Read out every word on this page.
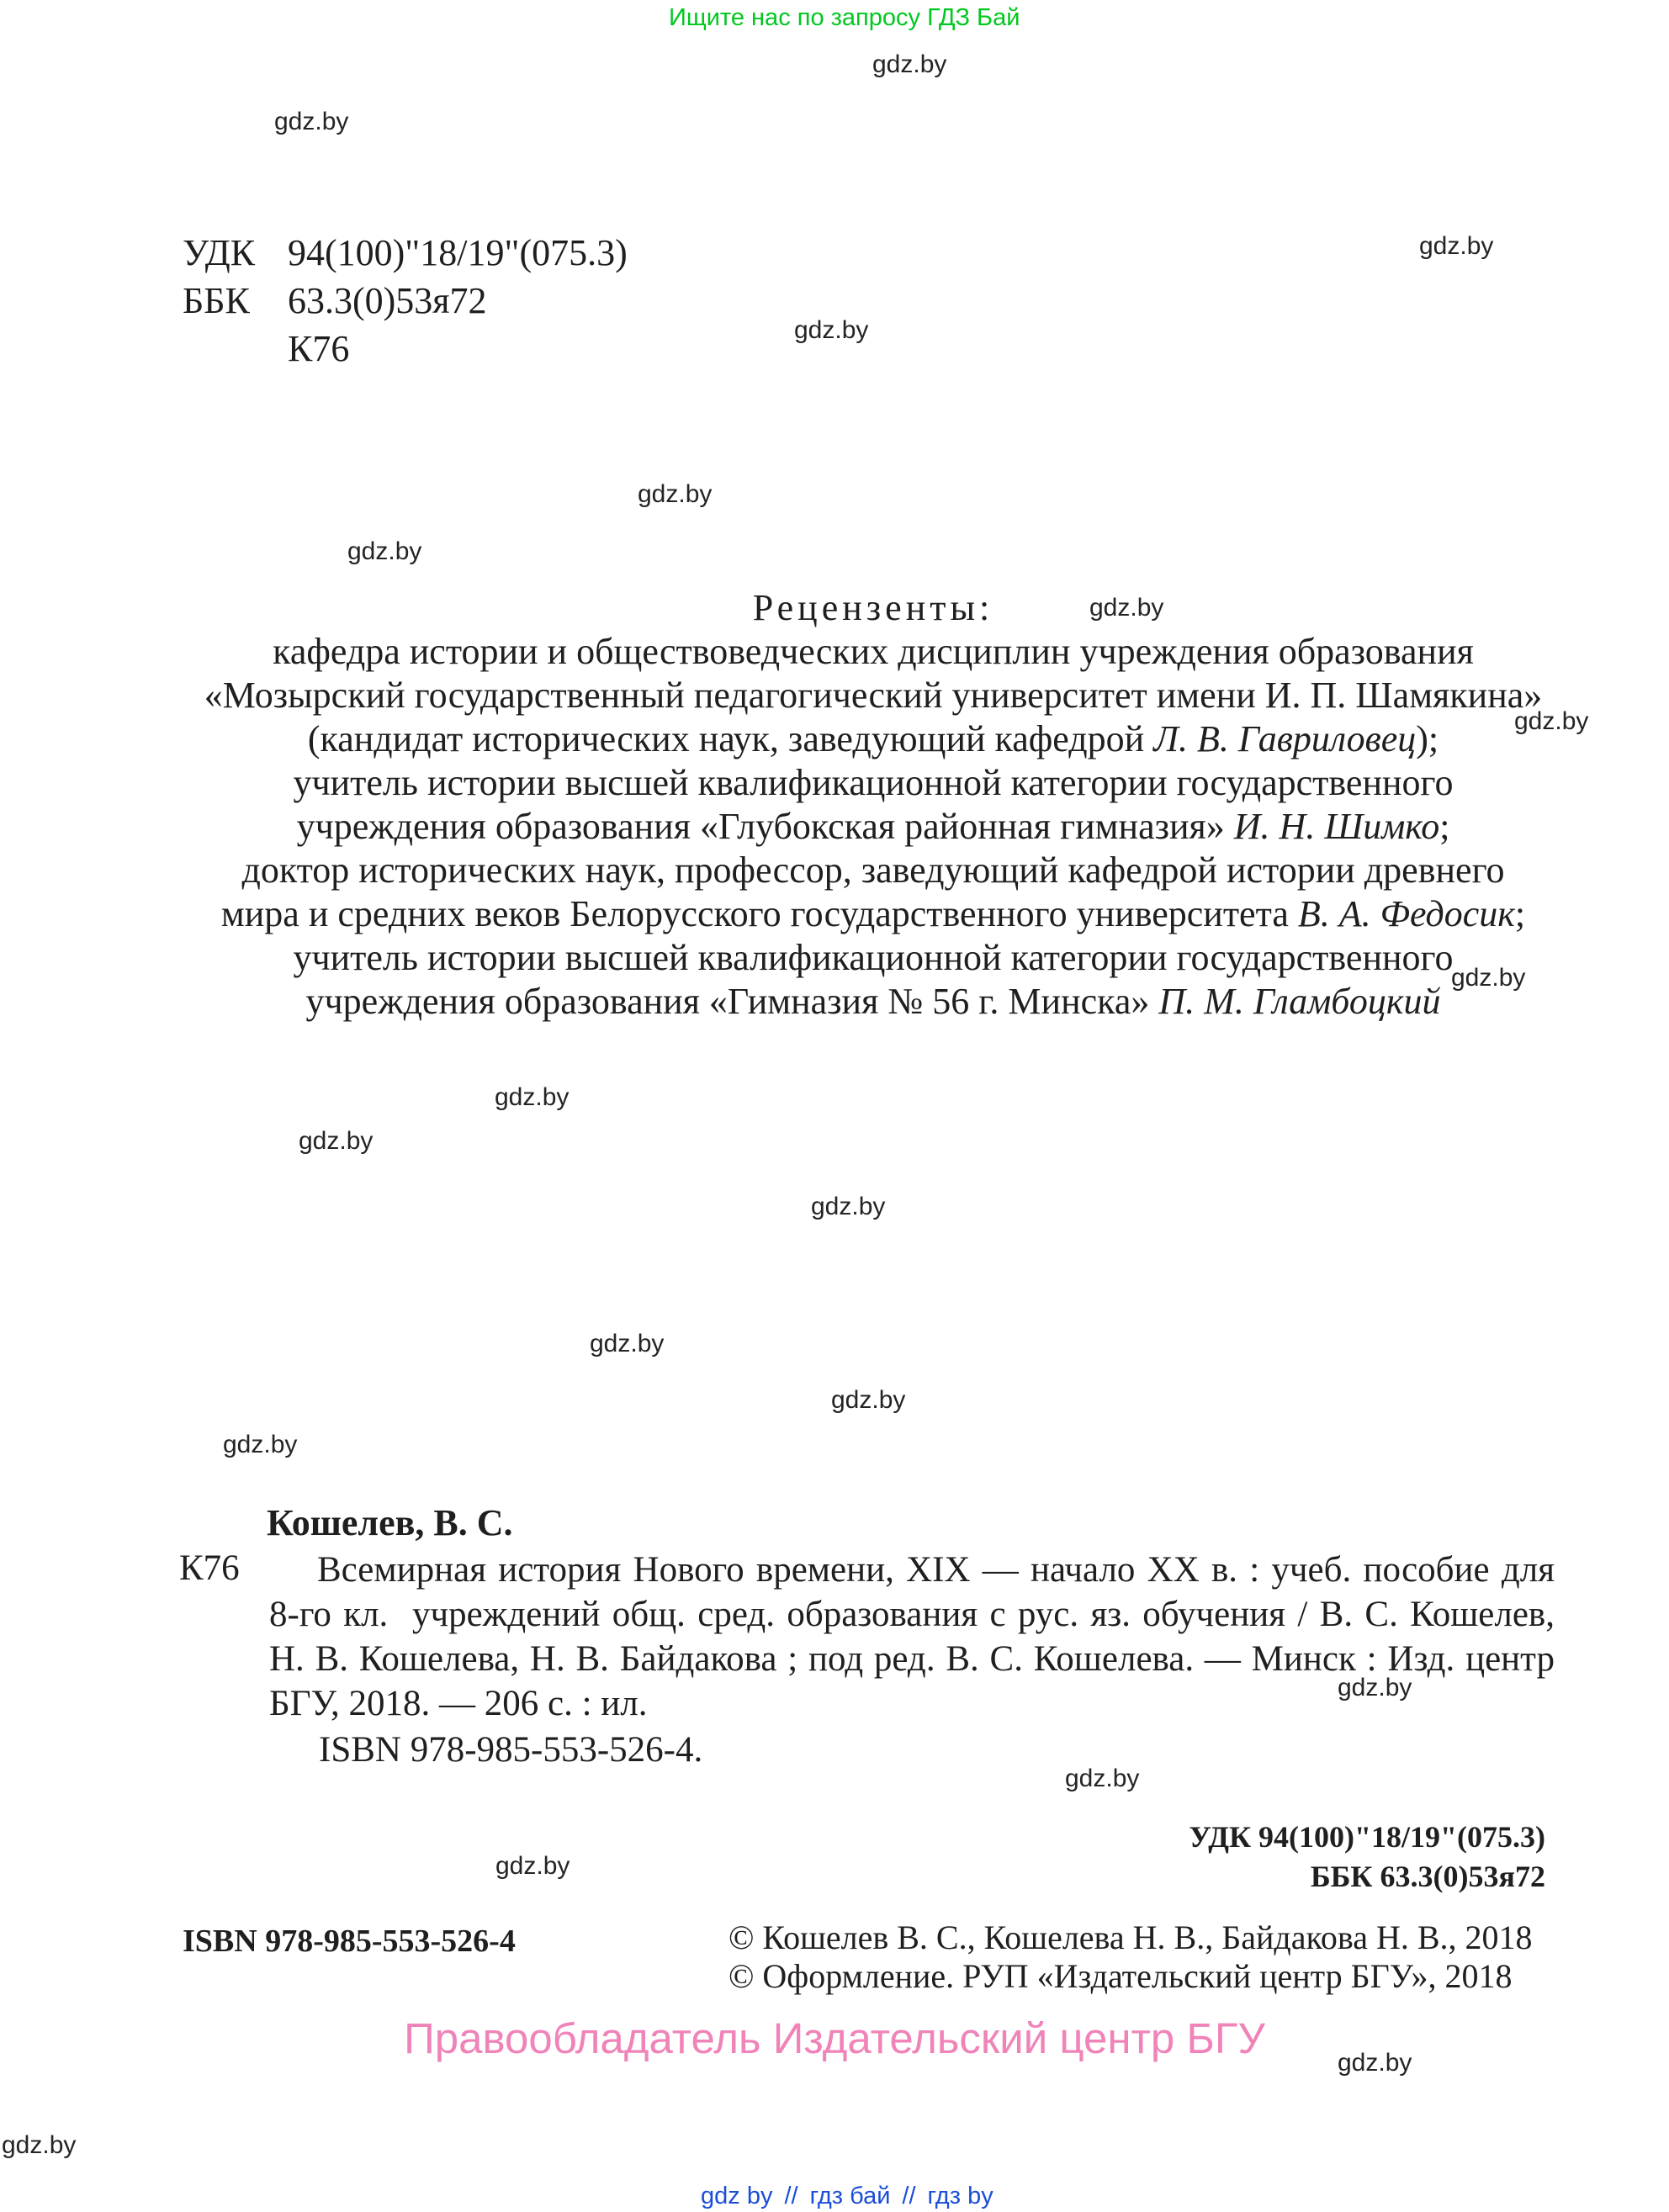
Ищите нас по запросу ГДЗ Бай
gdz.by
gdz.by
gdz.by
gdz.by
gdz.by
gdz.by
gdz.by
gdz.by
gdz.by
gdz.by
gdz.by
gdz.by
gdz.by
gdz.by
gdz.by
gdz.by
gdz.by
gdz.by
gdz.by
gdz.by
УДК 94(100)"18/19"(075.3)
ББК	63.3(0)53я72
К76
Рецензенты:
кафедра истории и обществоведческих дисциплин учреждения образования
«Мозырский государственный педагогический университет имени И. П. Шамякина»
(кандидат исторических наук, заведующий кафедрой Л. В. Гавриловец);
учитель истории высшей квалификационной категории государственного
учреждения образования «Глубокская районная гимназия» И. Н. Шимко;
доктор исторических наук, профессор, заведующий кафедрой истории древнего
мира и средних веков Белорусского государственного университета В. А. Федосик;
учитель истории высшей квалификационной категории государственного
учреждения образования «Гимназия № 56 г. Минска» П. М. Гламбоцкий
Кошелев, В. С.
К76 Всемирная история Нового времени, XIX — начало XX в. : учеб. пособие для
8-го кл.  учреждений общ. сред. образования с рус. яз. обучения / В. С. Кошелев,
Н. В. Кошелева, Н. В. Байдакова ; под ред. В. С. Кошелева. — Минск : Изд. центр
БГУ, 2018. — 206 с. : ил.
ISBN 978-985-553-526-4.
УДК 94(100)"18/19"(075.3)
ББК 63.3(0)53я72
ISBN 978-985-553-526-4	© Кошелев В. С., Кошелева Н. В., Байдакова Н. В., 2018
© Оформление. РУП «Издательский центр БГУ», 2018
Правообладатель Издательский центр БГУ
gdz by // гдз бай // гдз by
